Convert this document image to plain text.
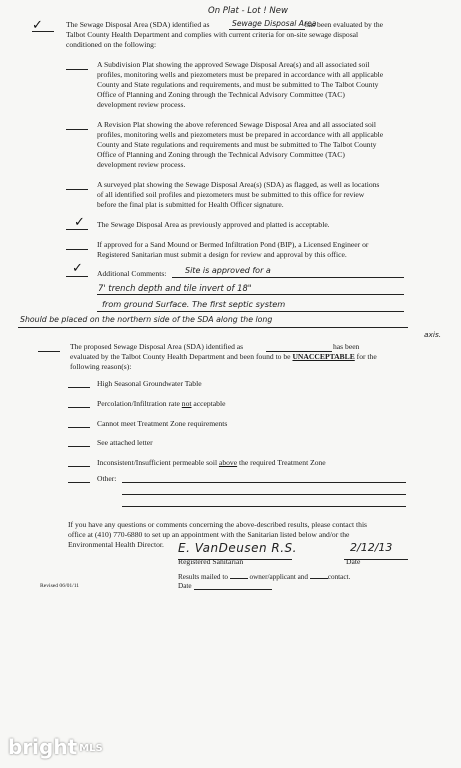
On Plat - Lot ! New
✓	The Sewage Disposal Area (SDA) identified as	Sewage Disposal Area
has been evaluated by the
Talbot County Health Department and complies with current criteria for on-site sewage disposal
conditioned on the following:
A Subdivision Plat showing the approved Sewage Disposal Area(s) and all associated soil
profiles, monitoring wells and piezometers must be prepared in accordance with all applicable
County and State regulations and requirements, and must be submitted to The Talbot County
Office of Planning and Zoning through the Technical Advisory Committee (TAC)
development review process.
A Revision Plat showing the above referenced Sewage Disposal Area and all associated soil
profiles, monitoring wells and piezometers must be prepared in accordance with all applicable
County and State regulations and requirements and must be submitted to The Talbot County
Office of Planning and Zoning through the Technical Advisory Committee (TAC)
development review process.
A surveyed plat showing the Sewage Disposal Area(s) (SDA) as flagged, as well as locations
of all identified soil profiles and piezometers must be submitted to this office for review
before the final plat is submitted for Health Officer signature.
✓ The Sewage Disposal Area as previously approved and platted is acceptable.
If approved for a Sand Mound or Bermed Infiltration Pond (BIP), a Licensed Engineer or
Registered Sanitarian must submit a design for review and approval by this office.
✓ Additional Comments: Site is approved for a
7' trench depth and tile invert of 18"
from ground Surface. The first septic system
Should be placed on the northern side of the SDA along the long
axis.
The proposed Sewage Disposal Area (SDA) identified as	has been
evaluated by the Talbot County Health Department and been found to be UNACCEPTABLE for the
following reason(s):
High Seasonal Groundwater Table
Percolation/Infiltration rate not acceptable
Cannot meet Treatment Zone requirements
See attached letter
Inconsistent/Insufficient permeable soil above the required Treatment Zone
Other:
If you have any questions or comments concerning the above-described results, please contact this
office at (410) 770-6880 to set up an appointment with the Sanitarian listed below and/or the
Environmental Health Director. E. VanDeusen R.S.	2/12/13
Registered Sanitarian	Date
Results mailed to	owner/applicant and	contact.
Date
Revised 06/01/11
bright MLS
